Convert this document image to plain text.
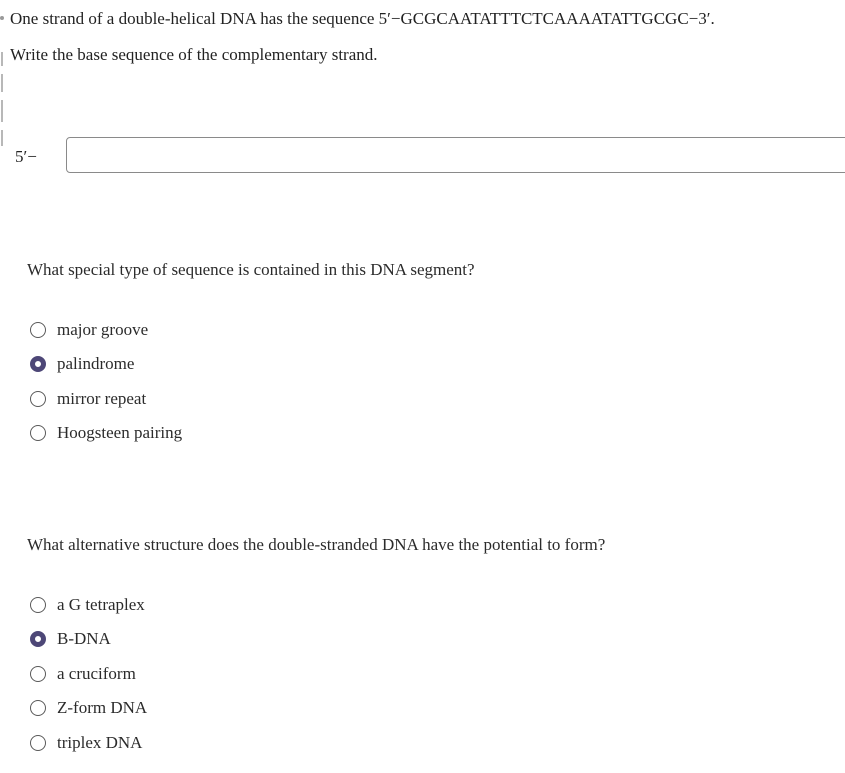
One strand of a double-helical DNA has the sequence 5′−GCGCAATATTTCTCAAAATATTGCGC−3′.
Write the base sequence of the complementary strand.
5′−
What special type of sequence is contained in this DNA segment?
major groove
palindrome
mirror repeat
Hoogsteen pairing
What alternative structure does the double-stranded DNA have the potential to form?
a G tetraplex
B-DNA
a cruciform
Z-form DNA
triplex DNA
